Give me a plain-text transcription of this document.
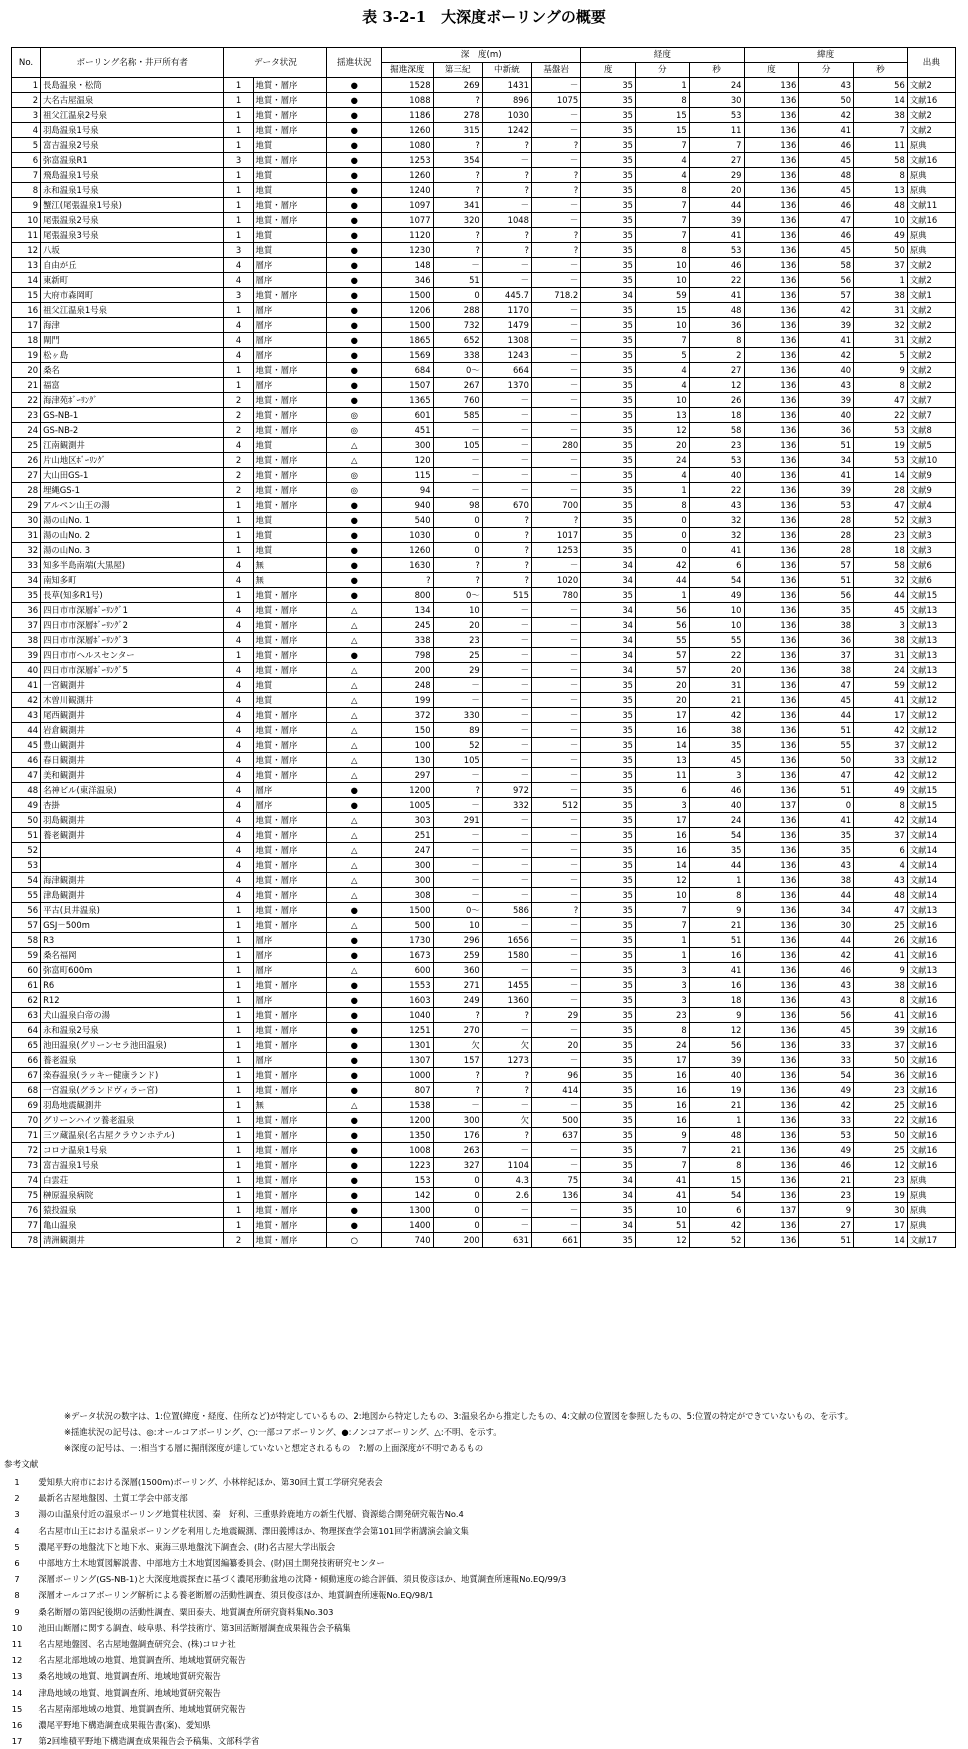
表 3-2-1　大深度ボーリングの概要
No.	ボーリング名称・井戸所有者	データ状況		揺進状況	深　度(m)				経度			緯度			出典
					掘進深度	第三紀	中新統	基盤岩	度	分	秒	度	分	秒	
1	長島温泉・松筒	1	地質・層序	●	1528	269	1431	－	35	1	24	136	43	56	文献2
2	大名古屋温泉	1	地質・層序	●	1088	?	896	1075	35	8	30	136	50	14	文献16
3	祖父江温泉2号泉	1	地質・層序	●	1186	278	1030	－	35	15	53	136	42	38	文献2
4	羽島温泉1号泉	1	地質・層序	●	1260	315	1242	－	35	15	11	136	41	7	文献2
5	富吉温泉2号泉	1	地質	●	1080	?	?	?	35	7	7	136	46	11	原典
6	弥富温泉R1	3	地質・層序	●	1253	354	－	－	35	4	27	136	45	58	文献16
7	飛島温泉1号泉	1	地質	●	1260	?	?	?	35	4	29	136	48	8	原典
8	永和温泉1号泉	1	地質	●	1240	?	?	?	35	8	20	136	45	13	原典
9	蟹江(尾張温泉1号泉)	1	地質・層序	●	1097	341	－	－	35	7	44	136	46	48	文献11
10	尾張温泉2号泉	1	地質・層序	●	1077	320	1048	－	35	7	39	136	47	10	文献16
11	尾張温泉3号泉	1	地質	●	1120	?	?	?	35	7	41	136	46	49	原典
12	八坂	3	地質	●	1230	?	?	?	35	8	53	136	45	50	原典
13	自由が丘	4	層序	●	148	－	－	－	35	10	46	136	58	37	文献2
14	東新町	4	層序	●	346	51	－	－	35	10	22	136	56	1	文献2
15	大府市森岡町	3	地質・層序	●	1500	0	445.7	718.2	34	59	41	136	57	38	文献1
16	祖父江温泉1号泉	1	層序	●	1206	288	1170	－	35	15	48	136	42	31	文献2
17	海津	4	層序	●	1500	732	1479	－	35	10	36	136	39	32	文献2
18	閘門	4	層序	●	1865	652	1308	－	35	7	8	136	41	31	文献2
19	松ヶ島	4	層序	●	1569	338	1243	－	35	5	2	136	42	5	文献2
20	桑名	1	地質・層序	●	684	0～	664	－	35	4	27	136	40	9	文献2
21	福富	1	層序	●	1507	267	1370	－	35	4	12	136	43	8	文献2
22	海津苑ﾎﾞｰﾘﾝｸﾞ	2	地質・層序	●	1365	760	－	－	35	10	26	136	39	47	文献7
23	GS-NB-1	2	地質・層序	◎	601	585	－	－	35	13	18	136	40	22	文献7
24	GS-NB-2	2	地質・層序	◎	451	－	－	－	35	12	58	136	36	53	文献8
25	江南観測井	4	地質	△	300	105	－	280	35	20	23	136	51	19	文献5
26	片山地区ﾎﾞｰﾘﾝｸﾞ	2	地質・層序	△	120	－	－	－	35	24	53	136	34	53	文献10
27	大山田GS-1	2	地質・層序	◎	115	－	－	－	35	4	40	136	41	14	文献9
28	埋縄GS-1	2	地質・層序	◎	94	－	－	－	35	1	22	136	39	28	文献9
29	アルペン山王の湯	1	地質・層序	●	940	98	670	700	35	8	43	136	53	47	文献4
30	湯の山No. 1	1	地質	●	540	0	?	?	35	0	32	136	28	52	文献3
31	湯の山No. 2	1	地質	●	1030	0	?	1017	35	0	32	136	28	23	文献3
32	湯の山No. 3	1	地質	●	1260	0	?	1253	35	0	41	136	28	18	文献3
33	知多半島南端(大黒屋)	4	無	●	1630	?	?	－	34	42	6	136	57	58	文献6
34	南知多町	4	無	●	?	?	?	1020	34	44	54	136	51	32	文献6
35	長草(知多R1号)	1	地質・層序	●	800	0～	515	780	35	1	49	136	56	44	文献15
36	四日市市深層ﾎﾞｰﾘﾝｸﾞ1	4	地質・層序	△	134	10	－	－	34	56	10	136	35	45	文献13
37	四日市市深層ﾎﾞｰﾘﾝｸﾞ2	4	地質・層序	△	245	20	－	－	34	56	10	136	38	3	文献13
38	四日市市深層ﾎﾞｰﾘﾝｸﾞ3	4	地質・層序	△	338	23	－	－	34	55	55	136	36	38	文献13
39	四日市市ヘルスセンター	1	地質・層序	●	798	25	－	－	34	57	22	136	37	31	文献13
40	四日市市深層ﾎﾞｰﾘﾝｸﾞ5	4	地質・層序	△	200	29	－	－	34	57	20	136	38	24	文献13
41	一宮観測井	4	地質	△	248	－	－	－	35	20	31	136	47	59	文献12
42	木曽川観測井	4	地質	△	199	－	－	－	35	20	21	136	45	41	文献12
43	尾西観測井	4	地質・層序	△	372	330	－	－	35	17	42	136	44	17	文献12
44	岩倉観測井	4	地質・層序	△	150	89	－	－	35	16	38	136	51	42	文献12
45	豊山観測井	4	地質・層序	△	100	52	－	－	35	14	35	136	55	37	文献12
46	春日観測井	4	地質・層序	△	130	105	－	－	35	13	45	136	50	33	文献12
47	美和観測井	4	地質・層序	△	297	－	－	－	35	11	3	136	47	42	文献12
48	名神ビル(東洋温泉)	4	層序	●	1200	?	972	－	35	6	46	136	51	49	文献15
49	杏掛	4	層序	●	1005	－	332	512	35	3	40	137	0	8	文献15
50	羽島観測井	4	地質・層序	△	303	291	－	－	35	17	24	136	41	42	文献14
51	養老観測井	4	地質・層序	△	251	－	－	－	35	16	54	136	35	37	文献14
52		4	地質・層序	△	247	－	－	－	35	16	35	136	35	6	文献14
53		4	地質・層序	△	300	－	－	－	35	14	44	136	43	4	文献14
54	海津観測井	4	地質・層序	△	300	－	－	－	35	12	1	136	38	43	文献14
55	津島観測井	4	地質・層序	△	308	－	－	－	35	10	8	136	44	48	文献14
56	平古(貝井温泉)	1	地質・層序	●	1500	0～	586	?	35	7	9	136	34	47	文献13
57	GSJ－500m	1	地質・層序	△	500	10	－	－	35	7	21	136	30	25	文献16
58	R3	1	層序	●	1730	296	1656	－	35	1	51	136	44	26	文献16
59	桑名福岡	1	層序	●	1673	259	1580	－	35	1	16	136	42	41	文献16
60	弥富町600m	1	層序	△	600	360	－	－	35	3	41	136	46	9	文献13
61	R6	1	地質・層序	●	1553	271	1455	－	35	3	16	136	43	38	文献16
62	R12	1	層序	●	1603	249	1360	－	35	3	18	136	43	8	文献16
63	犬山温泉白帝の湯	1	地質・層序	●	1040	?	?	29	35	23	9	136	56	41	文献16
64	永和温泉2号泉	1	地質・層序	●	1251	270	－	－	35	8	12	136	45	39	文献16
65	池田温泉(グリーンセラ池田温泉)	1	地質・層序	●	1301	欠	欠	20	35	24	56	136	33	37	文献16
66	養老温泉	1	層序	●	1307	157	1273	－	35	17	39	136	33	50	文献16
67	楽春温泉(ラッキー健康ランド)	1	地質・層序	●	1000	?	?	96	35	16	40	136	54	36	文献16
68	一宮温泉(グランドヴィラー宮)	1	地質・層序	●	807	?	?	414	35	16	19	136	49	23	文献16
69	羽島地震観測井	1	無	△	1538	－	－	－	35	16	21	136	42	25	文献16
70	グリーンハイツ養老温泉	1	地質・層序	●	1200	300	欠	500	35	16	1	136	33	22	文献16
71	三ツ蔵温泉(名古屋クラウンホテル)	1	地質・層序	●	1350	176	?	637	35	9	48	136	53	50	文献16
72	コロナ温泉1号泉	1	地質・層序	●	1008	263	－	－	35	7	21	136	49	25	文献16
73	富吉温泉1号泉	1	地質・層序	●	1223	327	1104	－	35	7	8	136	46	12	文献16
74	白雲荘	1	地質・層序	●	153	0	4.3	75	34	41	15	136	21	23	原典
75	榊原温泉病院	1	地質・層序	●	142	0	2.6	136	34	41	54	136	23	19	原典
76	猿投温泉	1	地質・層序	●	1300	0	－	－	35	10	6	137	9	30	原典
77	亀山温泉	1	地質・層序	●	1400	0	－	－	34	51	42	136	27	17	原典
78	清洲観測井	2	地質・層序	○	740	200	631	661	35	12	52	136	51	14	文献17
※データ状況の数字は、1:位置(緯度・経度、住所など)が特定しているもの、2:地図から特定したもの、3:温泉名から推定したもの、4:文献の位置図を参照したもの、5:位置の特定ができていないもの、を示す。
※揺進状況の記号は、◎:オールコアボーリング、○:一部コアボーリング、●:ノンコアボーリング、△:不明、を示す。
※深度の記号は、－:相当する層に掘削深度が達していないと想定されるもの　?:層の上面深度が不明であるもの
参考文献
1　 愛知県大府市における深層(1500m)ボーリング、小林梓紀ほか、第30回土質工学研究発表会
2　 最新名古屋地盤図、土質工学会中部支部
3　 湯の山温泉付近の温泉ボーリング地質柱状図、秦　好利、三重県鈴鹿地方の新生代層、資源総合開発研究報告No.4
4　 名古屋市山王における温泉ボーリングを利用した地震観測、澤田義博ほか、物理探査学会第101回学術講演会論文集
5　 濃尾平野の地盤沈下と地下水、東海三県地盤沈下調査会、(財)名古屋大学出版会
6　 中部地方土木地質図解説書、中部地方土木地質図編纂委員会、(財)国土開発技術研究センター
7　 深層ボーリング(GS-NB-1)と大深度地震探査に基づく濃尾形動盆地の沈降・傾動速度の総合評価、須貝俊彦ほか、地質調査所速報No.EQ/99/3
8　 深層オールコアボーリング解析による養老断層の活動性調査、須貝俊彦ほか、地質調査所速報No.EQ/98/1
9　 桑名断層の第四紀後期の活動性調査、粟田泰夫、地質調査所研究資料集No.303
10　 池田山断層に関する調査、岐阜県、科学技術庁、第3回活断層調査成果報告会予稿集
11　 名古屋地盤図、名古屋地盤調査研究会、(株)コロナ社
12　 名古屋北部地域の地質、地質調査所、地域地質研究報告
13　 桑名地域の地質、地質調査所、地域地質研究報告
14　 津島地域の地質、地質調査所、地域地質研究報告
15　 名古屋南部地域の地質、地質調査所、地域地質研究報告
16　 濃尾平野地下構造調査成果報告書(案)、愛知県
17　 第2回堆積平野地下構造調査成果報告会予稿集、文部科学省
